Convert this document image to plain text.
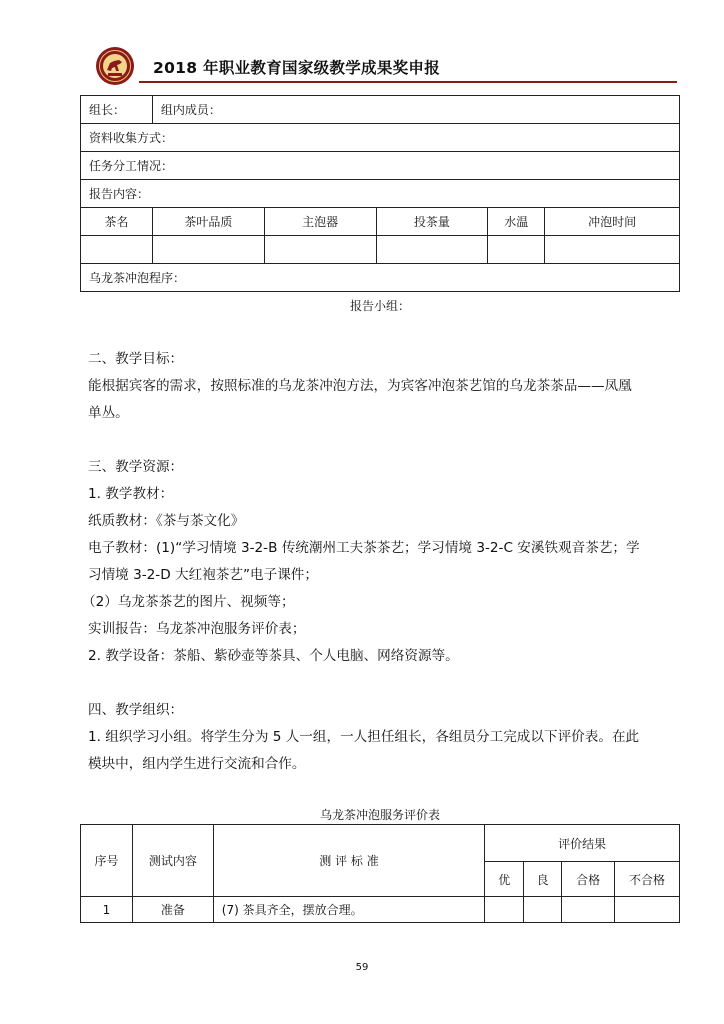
2018 年职业教育国家级教学成果奖申报
组长：	组内成员：				
资料收集方式：					
任务分工情况：					
报告内容：					
茶名	茶叶品质	主泡器	投茶量	水温	冲泡时间

乌龙茶冲泡程序：					
报告小组：
二、教学目标：
能根据宾客的需求，按照标准的乌龙茶冲泡方法，为宾客冲泡茶艺馆的乌龙茶茶品——凤凰
单丛。
三、教学资源：
1. 教学教材：
纸质教材：《茶与茶文化》
电子教材：(1)“学习情境 3-2-B 传统潮州工夫茶茶艺；学习情境 3-2-C 安溪铁观音茶艺；学
习情境 3-2-D 大红袍茶艺”电子课件；
（2）乌龙茶茶艺的图片、视频等；
实训报告：乌龙茶冲泡服务评价表；
2. 教学设备：茶船、紫砂壶等茶具、个人电脑、网络资源等。
四、教学组织：
1. 组织学习小组。将学生分为 5 人一组，一人担任组长，各组员分工完成以下评价表。在此
模块中，组内学生进行交流和合作。
乌龙茶冲泡服务评价表
序号	测试内容	测 评 标 准	评价结果			
			优	良	合格	不合格
1	准备	(7) 茶具齐全，摆放合理。				
59
